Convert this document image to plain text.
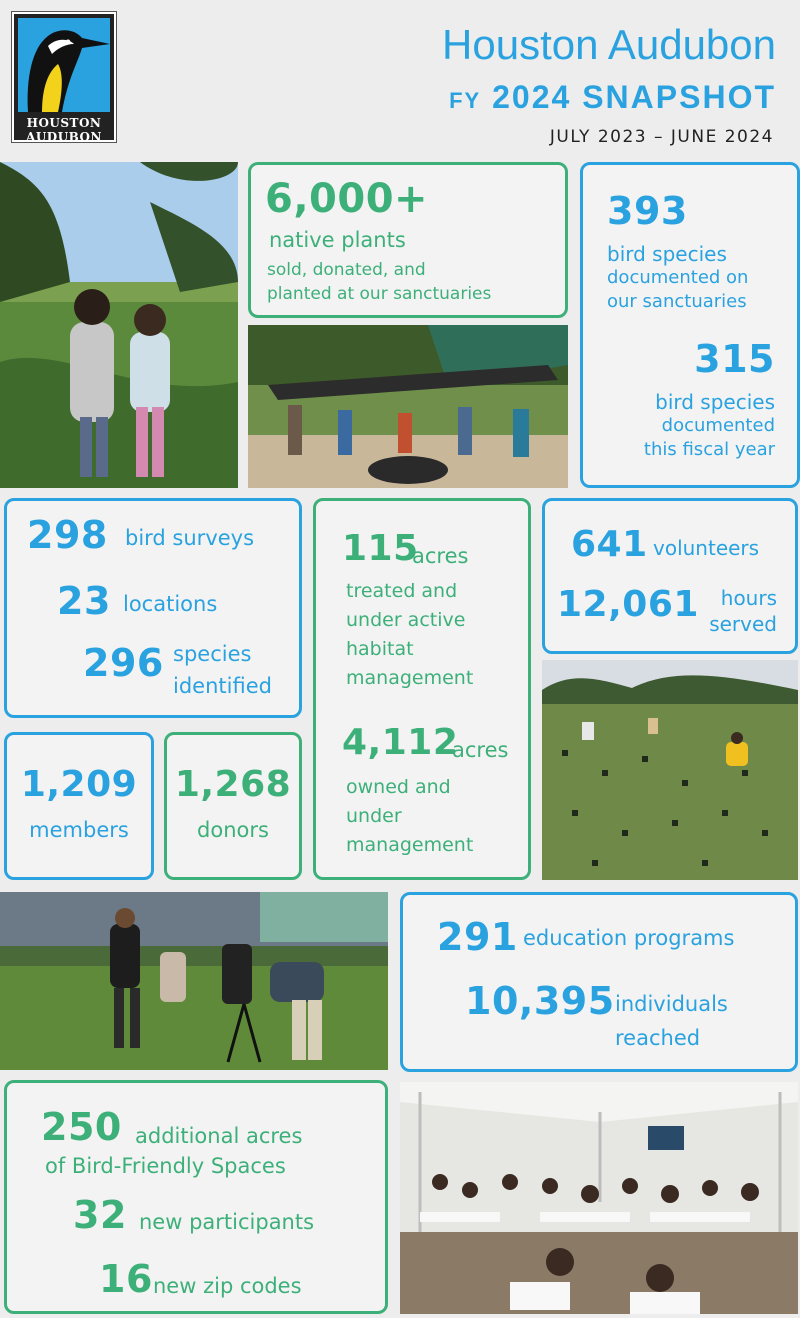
HOUSTON
AUDUBON
Houston Audubon
FY 2024 SNAPSHOT
JULY 2023 – JUNE 2024
6,000+
native plants
sold, donated, and
planted at our sanctuaries
393
bird species
documented on
our sanctuaries
315
bird species
documented
this fiscal year
298 bird surveys
23 locations
296 species
identified
115
acres
treated and
under active
habitat
management
4,112
acres
owned and
under
management
641 volunteers
12,061 hours
served
1,209
members
1,268
donors
291 education programs
10,395 individuals
reached
250 additional acres
of Bird-Friendly Spaces
32 new participants
16 new zip codes
